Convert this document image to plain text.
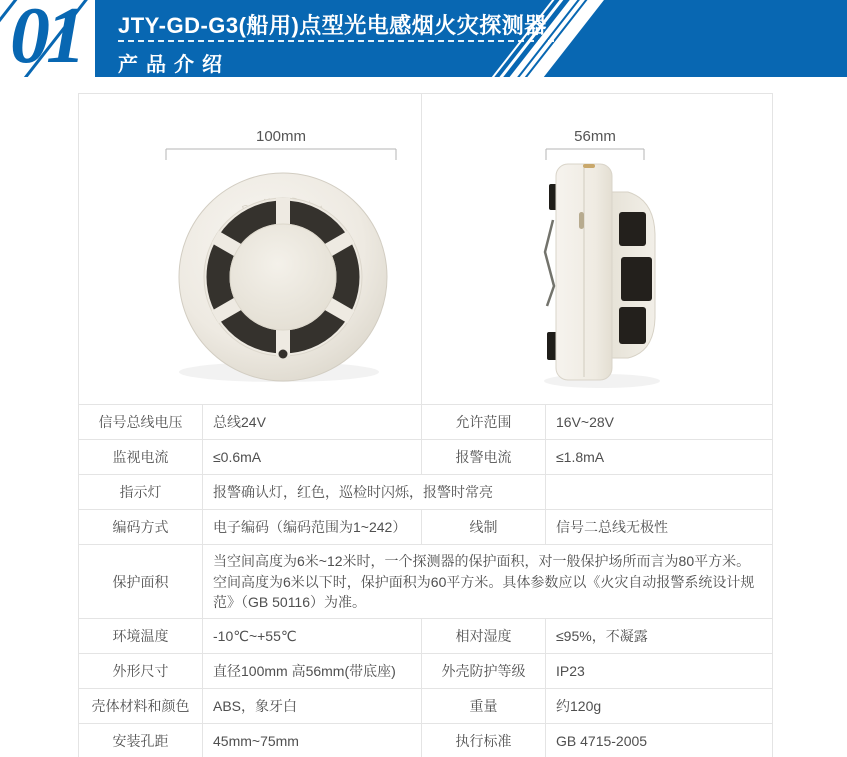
01 JTY-GD-G3(船用)点型光电感烟火灾探测器
产品介绍
100mm		56mm	

信号总线电压	总线24V	允许范围	16V~28V
监视电流	≤0.6mA	报警电流	≤1.8mA
指示灯	报警确认灯，红色，巡检时闪烁，报警时常亮		
编码方式	电子编码（编码范围为1~242）	线制	信号二总线无极性
保护面积	当空间高度为6米~12米时，一个探测器的保护面积，对一般保护场所而言为80平方米。空间高度为6米以下时，保护面积为60平方米。具体参数应以《火灾自动报警系统设计规范》（GB 50116）为准。		
环境温度	-10℃~+55℃	相对湿度	≤95%，不凝露
外形尺寸	直径100mm 高56mm(带底座)	外壳防护等级	IP23
壳体材料和颜色	ABS，象牙白	重量	约120g
安装孔距	45mm~75mm	执行标准	GB 4715-2005
